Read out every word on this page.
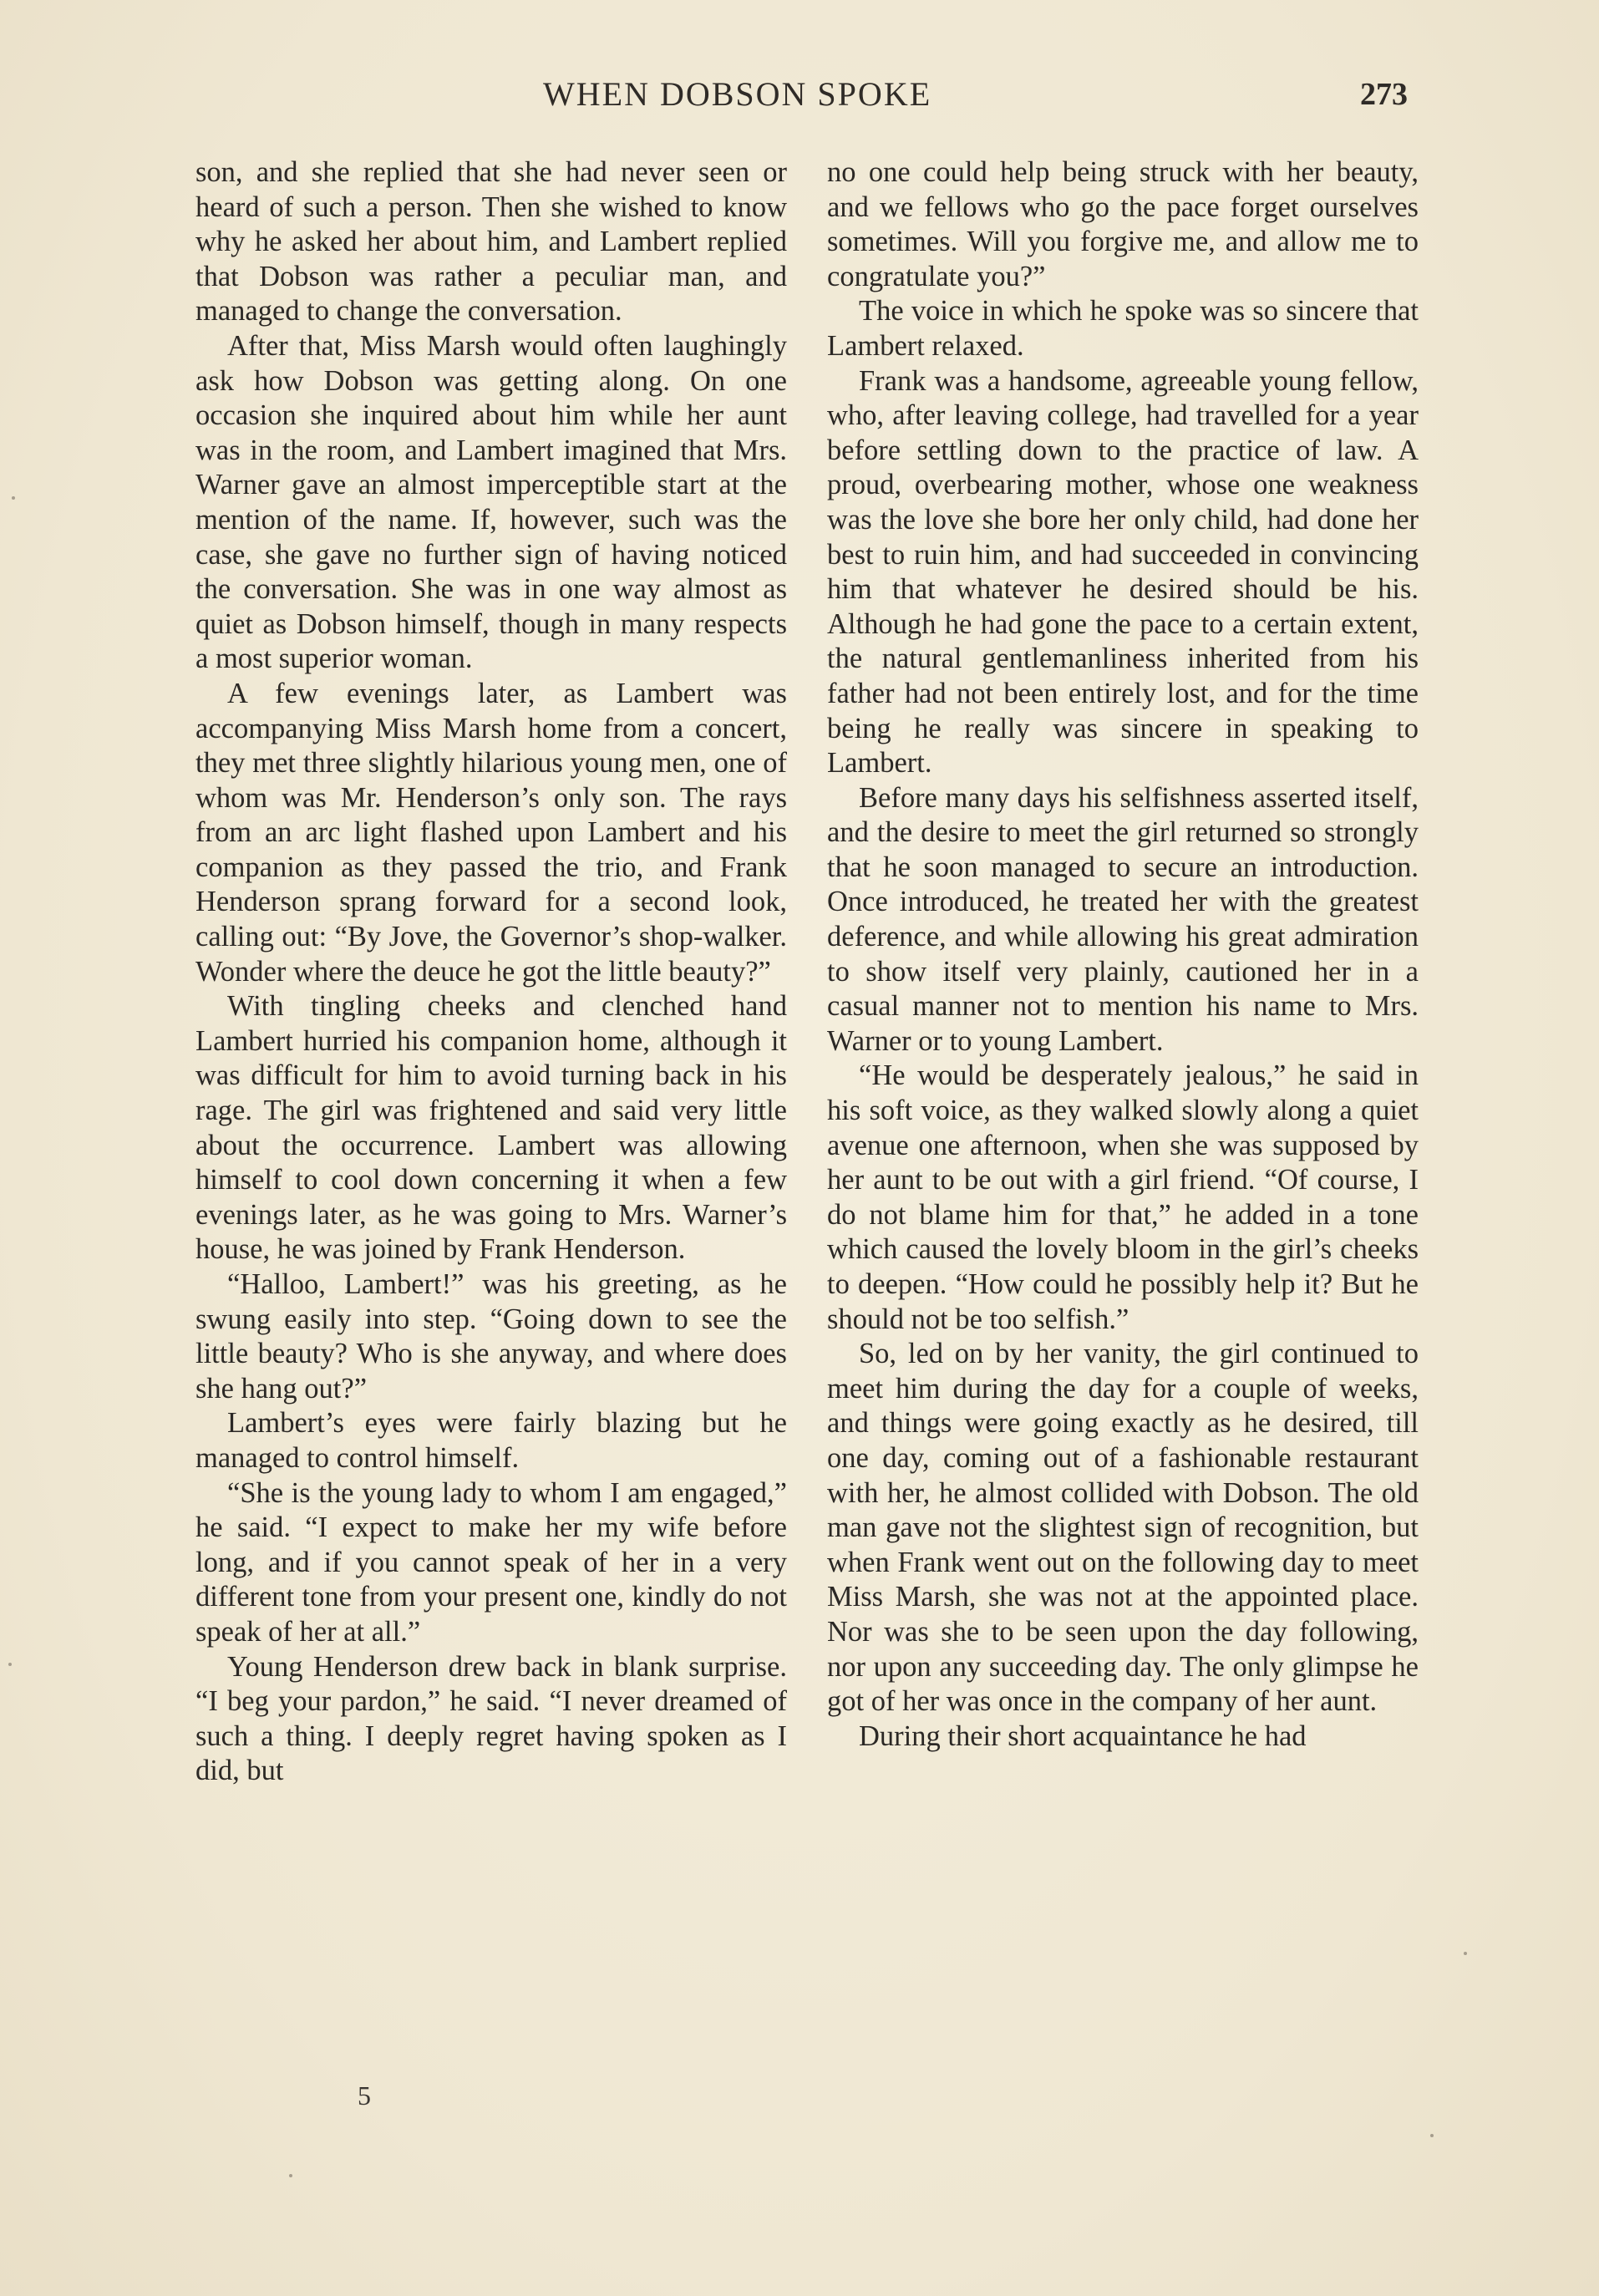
WHEN DOBSON SPOKE	273

son, and she replied that she had never seen or heard of such a person. Then she wished to know why he asked her about him, and Lambert replied that Dobson was rather a peculiar man, and managed to change the conversation.

After that, Miss Marsh would often laughingly ask how Dobson was getting along. On one occasion she inquired about him while her aunt was in the room, and Lambert imagined that Mrs. Warner gave an almost imperceptible start at the mention of the name. If, however, such was the case, she gave no further sign of having noticed the conversation. She was in one way almost as quiet as Dobson himself, though in many respects a most superior woman.

A few evenings later, as Lambert was accompanying Miss Marsh home from a concert, they met three slightly hilarious young men, one of whom was Mr. Henderson’s only son. The rays from an arc light flashed upon Lambert and his companion as they passed the trio, and Frank Henderson sprang forward for a second look, calling out: “By Jove, the Governor’s shop-walker. Wonder where the deuce he got the little beauty?”

With tingling cheeks and clenched hand Lambert hurried his companion home, although it was difficult for him to avoid turning back in his rage. The girl was frightened and said very little about the occurrence. Lambert was allowing himself to cool down concerning it when a few evenings later, as he was going to Mrs. Warner’s house, he was joined by Frank Henderson.

“Halloo, Lambert!” was his greeting, as he swung easily into step. “Going down to see the little beauty? Who is she anyway, and where does she hang out?”

Lambert’s eyes were fairly blazing but he managed to control himself.

“She is the young lady to whom I am engaged,” he said. “I expect to make her my wife before long, and if you cannot speak of her in a very different tone from your present one, kindly do not speak of her at all.”

Young Henderson drew back in blank surprise. “I beg your pardon,” he said. “I never dreamed of such a thing. I deeply regret having spoken as I did, but

no one could help being struck with her beauty, and we fellows who go the pace forget ourselves sometimes. Will you forgive me, and allow me to congratulate you?”

The voice in which he spoke was so sincere that Lambert relaxed.

Frank was a handsome, agreeable young fellow, who, after leaving college, had travelled for a year before settling down to the practice of law. A proud, overbearing mother, whose one weakness was the love she bore her only child, had done her best to ruin him, and had succeeded in convincing him that whatever he desired should be his. Although he had gone the pace to a certain extent, the natural gentlemanliness inherited from his father had not been entirely lost, and for the time being he really was sincere in speaking to Lambert.

Before many days his selfishness asserted itself, and the desire to meet the girl returned so strongly that he soon managed to secure an introduction. Once introduced, he treated her with the greatest deference, and while allowing his great admiration to show itself very plainly, cautioned her in a casual manner not to mention his name to Mrs. Warner or to young Lambert.

“He would be desperately jealous,” he said in his soft voice, as they walked slowly along a quiet avenue one afternoon, when she was supposed by her aunt to be out with a girl friend. “Of course, I do not blame him for that,” he added in a tone which caused the lovely bloom in the girl’s cheeks to deepen. “How could he possibly help it? But he should not be too selfish.”

So, led on by her vanity, the girl continued to meet him during the day for a couple of weeks, and things were going exactly as he desired, till one day, coming out of a fashionable restaurant with her, he almost collided with Dobson. The old man gave not the slightest sign of recognition, but when Frank went out on the following day to meet Miss Marsh, she was not at the appointed place. Nor was she to be seen upon the day following, nor upon any succeeding day. The only glimpse he got of her was once in the company of her aunt.

During their short acquaintance he had

5
